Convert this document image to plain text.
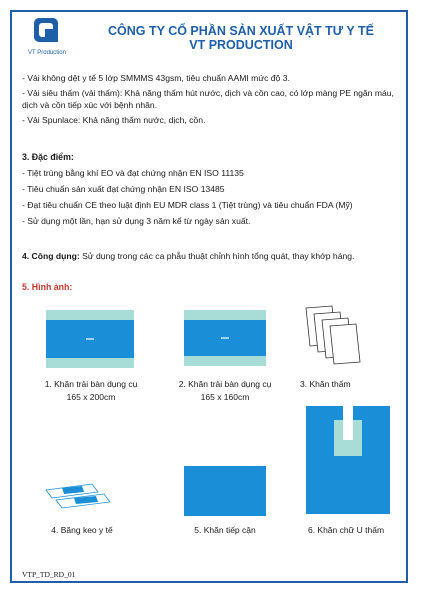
VT Production
CÔNG TY CỔ PHẦN SẢN XUẤT VẬT TƯ Y TẾ
VT PRODUCTION

- Vải không dệt y tế 5 lớp SMMMS 43gsm, tiêu chuẩn AAMI mức độ 3.

- Vải siêu thấm (vải thấm): Khả năng thấm hút nước, dịch và cồn cao, có lớp màng PE ngăn máu, dịch và cồn tiếp xúc với bệnh nhân.

- Vải Spunlace: Khả năng thấm nước, dịch, cồn.

3. Đặc điểm:

- Tiệt trùng bằng khí EO và đạt chứng nhận EN ISO 11135

- Tiêu chuẩn sản xuất đạt chứng nhận EN ISO 13485

- Đạt tiêu chuẩn CE theo luật định EU MDR class 1 (Tiệt trùng) và tiêu chuẩn FDA (Mỹ)

- Sử dụng một lần, hạn sử dụng 3 năm kể từ ngày sản xuất.

4. Công dụng: Sử dụng trong các ca phẫu thuật chỉnh hình tổng quát, thay khớp háng.
5. Hình ảnh:
1. Khăn trải bàn dụng cụ
165 x 200cm
2. Khăn trải bàn dụng cụ
165 x 160cm
3. Khăn thấm
4. Băng keo y tế	5. Khăn tiếp cận	6. Khăn chữ U thấm
VTP_TD_RD_01
